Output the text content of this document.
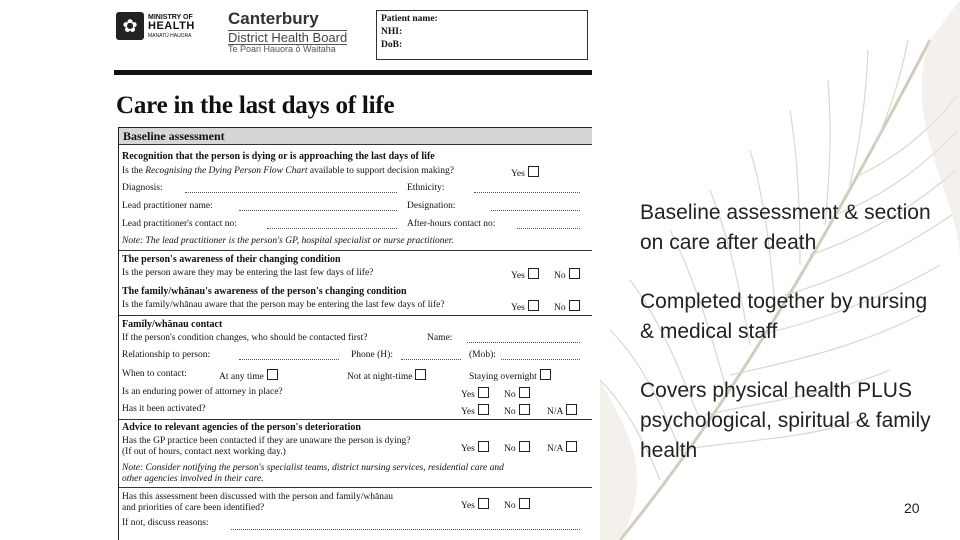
✿	MINISTRY OF
HEALTH
MANATŪ HAUORA
Canterbury
District Health Board
Te Poari Hauora ō Waitaha
Patient name:
NHI:
DoB:
Care in the last days of life
Baseline assessment
Recognition that the person is dying or is approaching the last days of life
Is the Recognising the Dying Person Flow Chart available to support decision making?	Yes
Diagnosis:	Ethnicity:
Lead practitioner name:	Designation:
Lead practitioner's contact no:	After-hours contact no:
Note: The lead practitioner is the person's GP, hospital specialist or nurse practitioner.
The person's awareness of their changing condition
Is the person aware they may be entering the last few days of life?	Yes	No
The family/whānau's awareness of the person's changing condition
Is the family/whānau aware that the person may be entering the last few days of life?	Yes	No
Family/whānau contact
If the person's condition changes, who should be contacted first?	Name:
Relationship to person:	Phone (H):	(Mob):
When to contact:	At any time	Not at night-time	Staying overnight
Is an enduring power of attorney in place?	Yes	No
Has it been activated?	Yes	No	N/A
Advice to relevant agencies of the person's deterioration
Has the GP practice been contacted if they are unaware the person is dying?
(If out of hours, contact next working day.)	Yes	No	N/A
Note: Consider notifying the person's specialist teams, district nursing services, residential care and
other agencies involved in their care.
Has this assessment been discussed with the person and family/whānau
and priorities of care been identified?	Yes	No
If not, discuss reasons:
Baseline assessment & section on care after death
Completed together by nursing & medical staff
Covers physical health PLUS psychological, spiritual & family health
20
